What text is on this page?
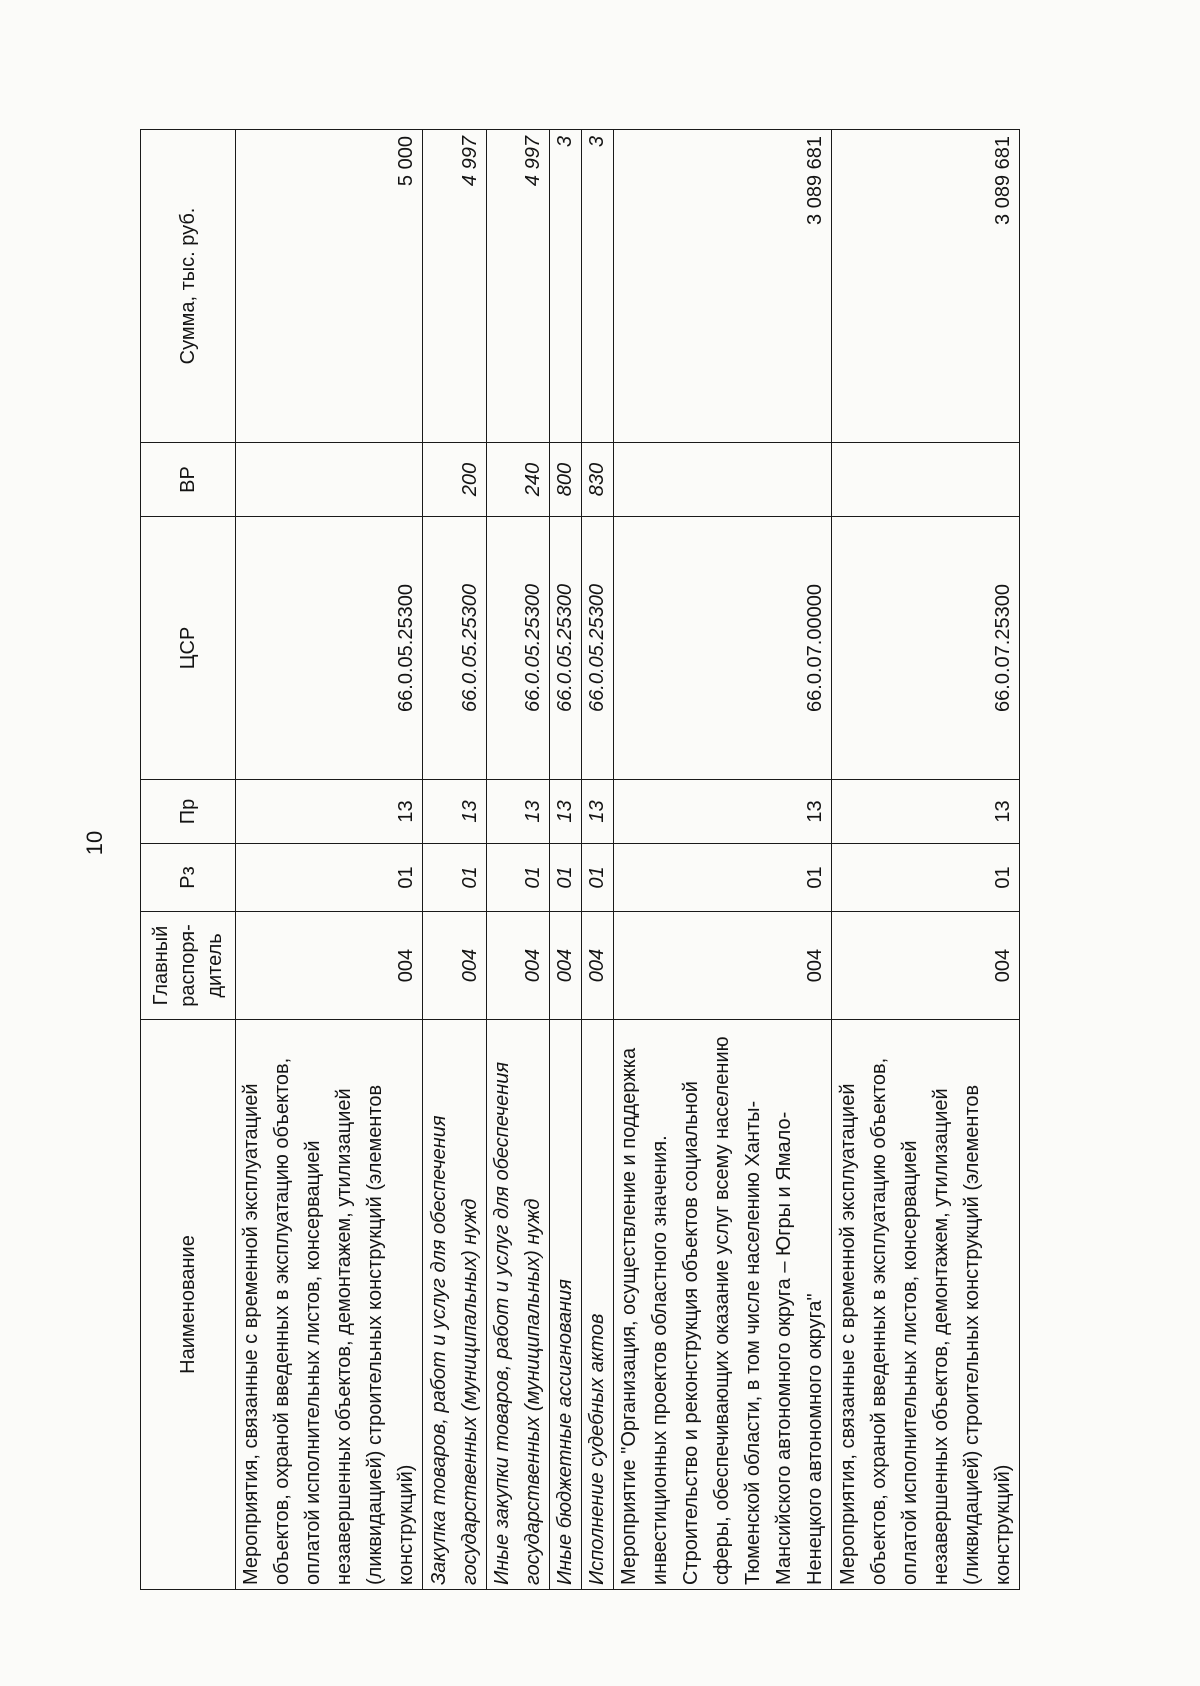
10
Наименование	Главный распоря-дитель	Рз	Пр	ЦСР	ВР	Сумма, тыс. руб.
Мероприятия, связанные с временной эксплуатацией объектов, охраной введенных в эксплуатацию объектов, оплатой исполнительных листов, консервацией незавершенных объектов, демонтажем, утилизацией (ликвидацией) строительных конструкций (элементов конструкций)	004	01	13	66.0.05.25300		5 000
Закупка товаров, работ и услуг для обеспечения государственных (муниципальных) нужд	004	01	13	66.0.05.25300	200	4 997
Иные закупки товаров, работ и услуг для обеспечения государственных (муниципальных) нужд	004	01	13	66.0.05.25300	240	4 997
Иные бюджетные ассигнования	004	01	13	66.0.05.25300	800	3
Исполнение судебных актов	004	01	13	66.0.05.25300	830	3
Мероприятие "Организация, осуществление и поддержка инвестиционных проектов областного значения. Строительство и реконструкция объектов социальной сферы, обеспечивающих оказание услуг всему населению Тюменской области, в том числе населению Ханты-Мансийского автономного округа – Югры и Ямало-Ненецкого автономного округа"	004	01	13	66.0.07.00000		3 089 681
Мероприятия, связанные с временной эксплуатацией объектов, охраной введенных в эксплуатацию объектов, оплатой исполнительных листов, консервацией незавершенных объектов, демонтажем, утилизацией (ликвидацией) строительных конструкций (элементов конструкций)	004	01	13	66.0.07.25300		3 089 681
